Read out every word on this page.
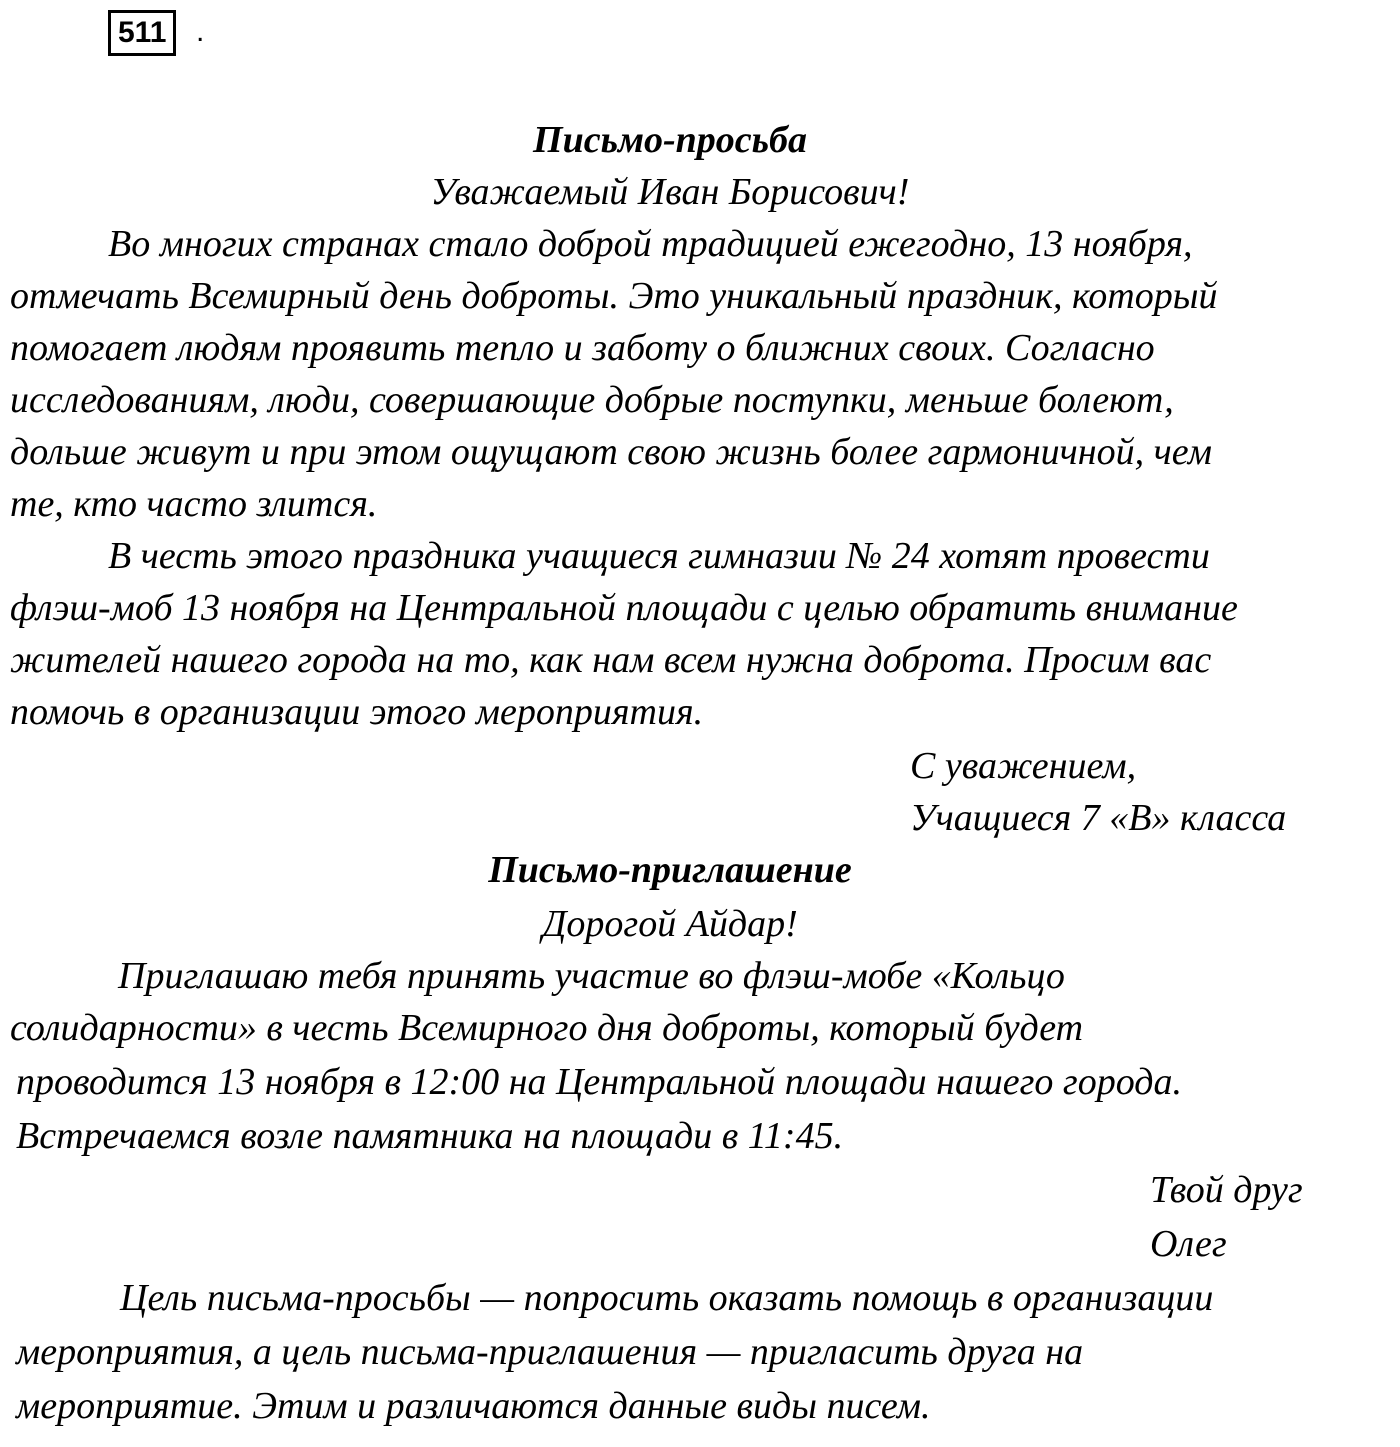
511 .
Письмо-просьба
Уважаемый Иван Борисович!
Во многих странах стало доброй традицией ежегодно, 13 ноября,
отмечать Всемирный день доброты. Это уникальный праздник, который
помогает людям проявить тепло и заботу о ближних своих. Согласно
исследованиям, люди, совершающие добрые поступки, меньше болеют,
дольше живут и при этом ощущают свою жизнь более гармоничной, чем
те, кто часто злится.
В честь этого праздника учащиеся гимназии № 24 хотят провести
флэш-моб 13 ноября на Центральной площади с целью обратить внимание
жителей нашего города на то, как нам всем нужна доброта. Просим вас
помочь в организации этого мероприятия.
С уважением,
Учащиеся 7 «В» класса
Письмо-приглашение
Дорогой Айдар!
Приглашаю тебя принять участие во флэш-мобе «Кольцо
солидарности» в честь Всемирного дня доброты, который будет
проводится 13 ноября в 12:00 на Центральной площади нашего города.
Встречаемся возле памятника на площади в 11:45.
Твой друг
Олег
Цель письма-просьбы — попросить оказать помощь в организации
мероприятия, а цель письма-приглашения — пригласить друга на
мероприятие. Этим и различаются данные виды писем.
